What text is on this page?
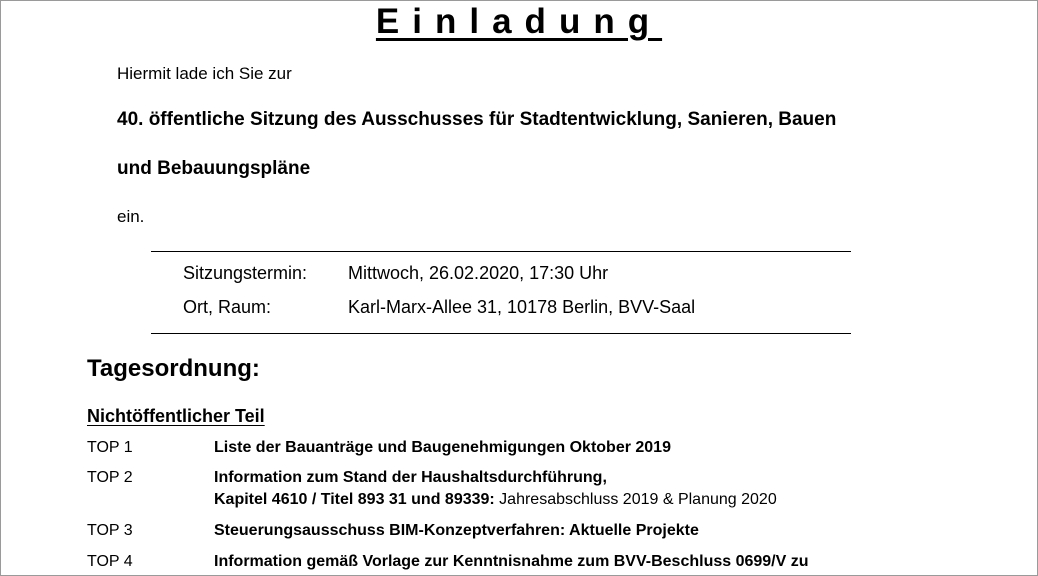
Einladung
Hiermit lade ich Sie zur
40. öffentliche Sitzung des Ausschusses für Stadtentwicklung, Sanieren, Bauen
und Bebauungspläne
ein.
Sitzungstermin: Mittwoch, 26.02.2020, 17:30 Uhr
Ort, Raum:	Karl-Marx-Allee 31, 10178 Berlin, BVV-Saal
Tagesordnung:
Nichtöffentlicher Teil
TOP 1	Liste der Bauanträge und Baugenehmigungen Oktober 2019
TOP 2	Information zum Stand der Haushaltsdurchführung,
Kapitel 4610 / Titel 893 31 und 89339: Jahresabschluss 2019 & Planung 2020
TOP 3	Steuerungsausschuss BIM-Konzeptverfahren: Aktuelle Projekte
TOP 4	Information gemäß Vorlage zur Kenntnisnahme zum BVV-Beschluss 0699/V zu
